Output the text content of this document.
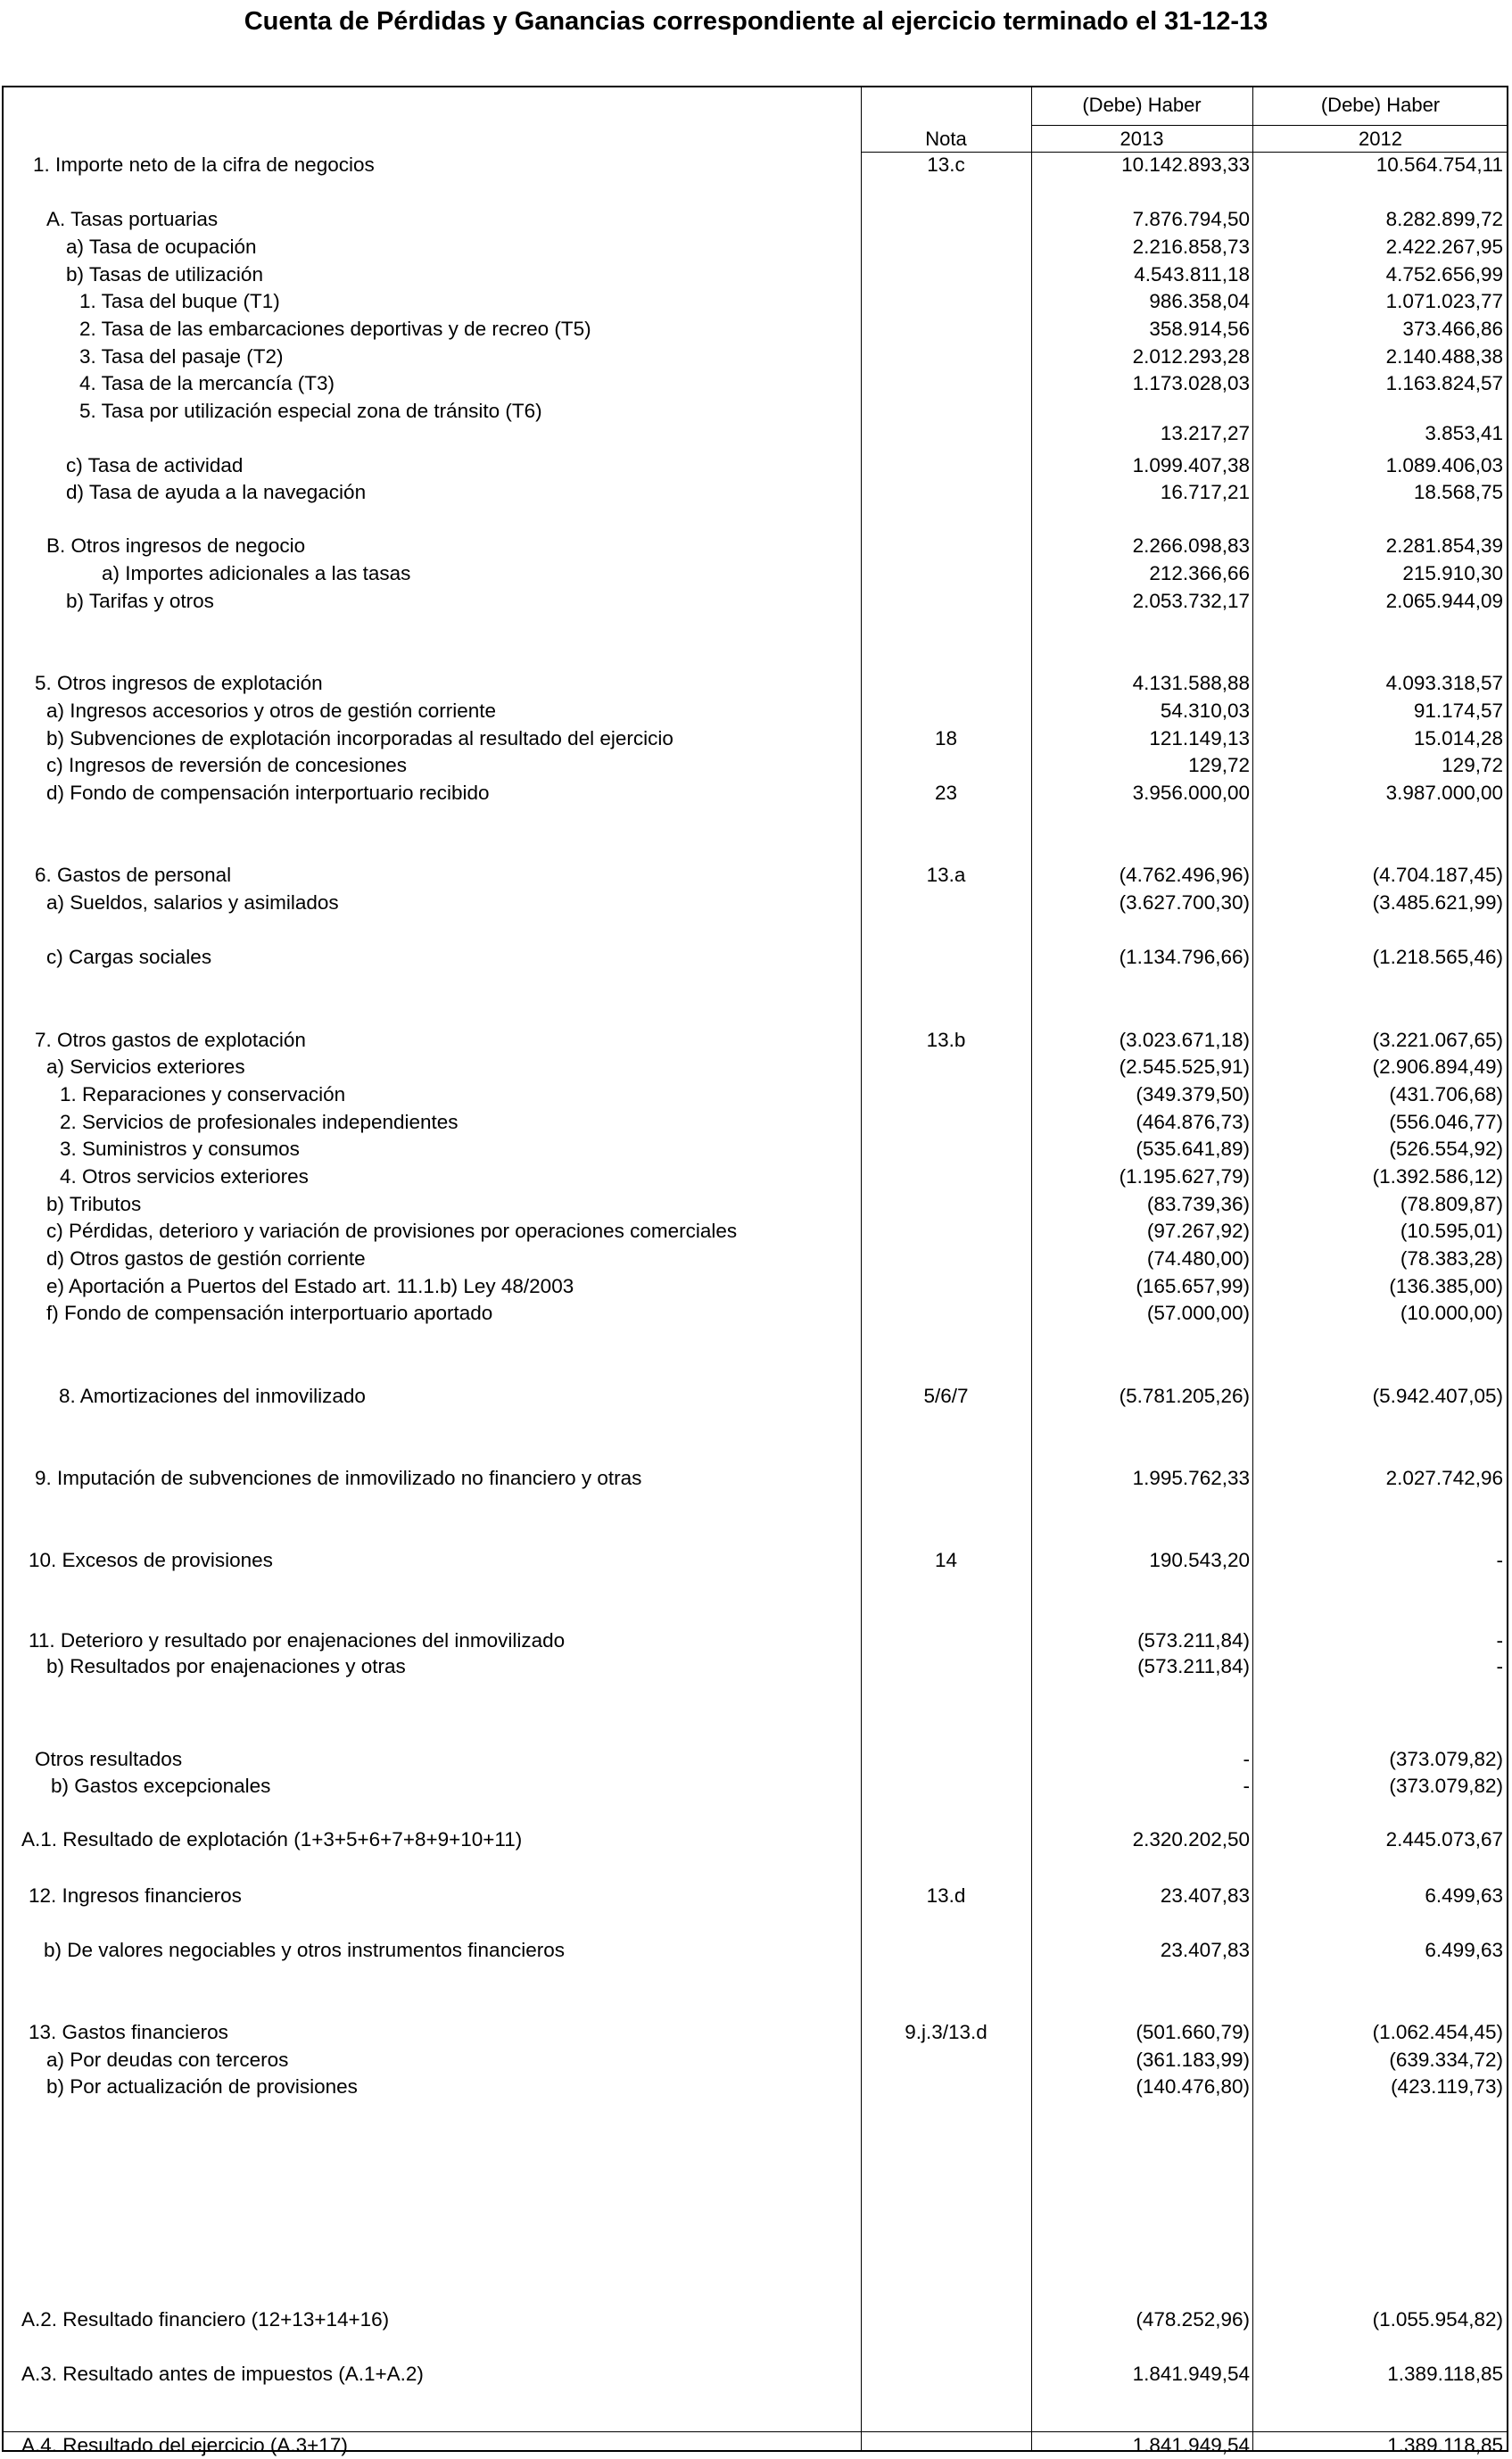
Cuenta de Pérdidas y Ganancias correspondiente al ejercicio terminado el 31-12-13
(Debe) Haber	(Debe) Haber
Nota	2013	2012
1. Importe neto de la cifra de negocios	13.c	10.142.893,33	10.564.754,11
A. Tasas portuarias	7.876.794,50	8.282.899,72
a) Tasa de ocupación	2.216.858,73	2.422.267,95
b) Tasas de utilización	4.543.811,18	4.752.656,99
1. Tasa del buque (T1)	986.358,04	1.071.023,77
2. Tasa de las embarcaciones deportivas y de recreo (T5)	358.914,56	373.466,86
3. Tasa del pasaje (T2)	2.012.293,28	2.140.488,38
4. Tasa de la mercancía (T3)	1.173.028,03	1.163.824,57
5. Tasa por utilización especial zona de tránsito (T6)
13.217,27	3.853,41
c) Tasa de actividad	1.099.407,38	1.089.406,03
d) Tasa de ayuda a la navegación	16.717,21	18.568,75
B. Otros ingresos de negocio	2.266.098,83	2.281.854,39
a) Importes adicionales a las tasas	212.366,66	215.910,30
b) Tarifas y otros	2.053.732,17	2.065.944,09
5. Otros ingresos de explotación	4.131.588,88	4.093.318,57
a) Ingresos accesorios y otros de gestión corriente	54.310,03	91.174,57
b) Subvenciones de explotación incorporadas al resultado del ejercicio	18	121.149,13	15.014,28
c) Ingresos de reversión de concesiones	129,72	129,72
d) Fondo de compensación interportuario recibido	23	3.956.000,00	3.987.000,00
6. Gastos de personal	13.a	(4.762.496,96)	(4.704.187,45)
a) Sueldos, salarios y asimilados	(3.627.700,30)	(3.485.621,99)
c) Cargas sociales	(1.134.796,66)	(1.218.565,46)
7. Otros gastos de explotación	13.b	(3.023.671,18)	(3.221.067,65)
a) Servicios exteriores	(2.545.525,91)	(2.906.894,49)
1. Reparaciones y conservación	(349.379,50)	(431.706,68)
2. Servicios de profesionales independientes	(464.876,73)	(556.046,77)
3. Suministros y consumos	(535.641,89)	(526.554,92)
4. Otros servicios exteriores	(1.195.627,79)	(1.392.586,12)
b) Tributos	(83.739,36)	(78.809,87)
c) Pérdidas, deterioro y variación de provisiones por operaciones comerciales	(97.267,92)	(10.595,01)
d) Otros gastos de gestión corriente	(74.480,00)	(78.383,28)
e) Aportación a Puertos del Estado art. 11.1.b) Ley 48/2003	(165.657,99)	(136.385,00)
f) Fondo de compensación interportuario aportado	(57.000,00)	(10.000,00)
8. Amortizaciones del inmovilizado	5/6/7	(5.781.205,26)	(5.942.407,05)
9. Imputación de subvenciones de inmovilizado no financiero y otras	1.995.762,33	2.027.742,96
10. Excesos de provisiones	14	190.543,20	-
11. Deterioro y resultado por enajenaciones del inmovilizado	(573.211,84)	-
b) Resultados por enajenaciones y otras	(573.211,84)	-
Otros resultados	-	(373.079,82)
b) Gastos excepcionales	-	(373.079,82)
A.1. Resultado de explotación (1+3+5+6+7+8+9+10+11)	2.320.202,50	2.445.073,67
12. Ingresos financieros	13.d	23.407,83	6.499,63
b) De valores negociables y otros instrumentos financieros	23.407,83	6.499,63
13. Gastos financieros	9.j.3/13.d	(501.660,79)	(1.062.454,45)
a) Por deudas con terceros	(361.183,99)	(639.334,72)
b) Por actualización de provisiones	(140.476,80)	(423.119,73)
A.2. Resultado financiero (12+13+14+16)	(478.252,96)	(1.055.954,82)
A.3. Resultado antes de impuestos (A.1+A.2)	1.841.949,54	1.389.118,85
A.4. Resultado del ejercicio (A.3+17)	1.841.949,54	1.389.118,85
